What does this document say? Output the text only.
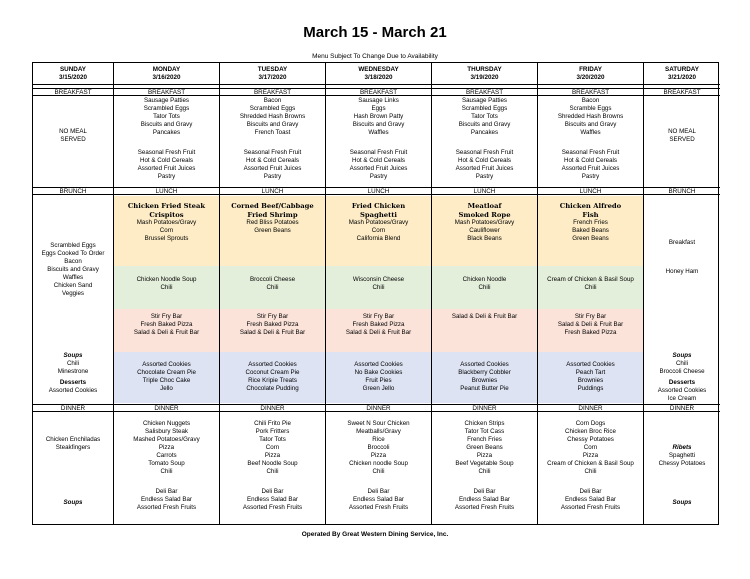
March 15 - March 21
Menu Subject To Change Due to Availability
SUNDAY
3/15/2020
BREAKFAST
BRUNCH
DINNER
NO MEAL
SERVED
Scrambled Eggs
Eggs Cooked To Order
Bacon
Biscuits and Gravy
Waffles
Chicken Sand
Veggies
Soups
Chili
Minestrone
Desserts
Assorted Cookies
Chicken Enchiladas
Steakfingers
Soups
MONDAY
3/16/2020
BREAKFAST
LUNCH
DINNER
Sausage Patties
Scrambled Eggs
Tator Tots
Biscuits and Gravy
Pancakes
Seasonal Fresh Fruit
Hot & Cold Cereals
Assorted Fruit Juices
Pastry
Chicken Fried Steak
Crispitos
Mash Potatoes/Gravy
Corn
Brussel Sprouts
Chicken Noodle Soup
Chili
Stir Fry Bar
Fresh Baked Pizza
Salad & Deli & Fruit Bar
Assorted Cookies
Chocolate Cream Pie
Triple Choc Cake
Jello
Chicken Nuggets
Salisbury Steak
Mashed Potatoes/Gravy
Pizza
Carrots
Tomato Soup
Chili
Deli Bar
Endless Salad Bar
Assorted Fresh Fruits
TUESDAY
3/17/2020
BREAKFAST
LUNCH
DINNER
Bacon
Scrambled Eggs
Shredded Hash Browns
Biscuits and Gravy
French Toast
Seasonal Fresh Fruit
Hot & Cold Cereals
Assorted Fruit Juices
Pastry
Corned Beef/Cabbage
Fried Shrimp
Red Bliss Potatoes
Green Beans
Broccoli Cheese
Chili
Stir Fry Bar
Fresh Baked Pizza
Salad & Deli & Fruit Bar
Assorted Cookies
Coconut Cream Pie
Rice Kripie Treats
Chocolate Pudding
Chili Frito Pie
Pork Fritters
Tator Tots
Corn
Pizza
Beef Noodle Soup
Chili
Deli Bar
Endless Salad Bar
Assorted Fresh Fruits
WEDNESDAY
3/18/2020
BREAKFAST
LUNCH
DINNER
Sausage Links
Eggs
Hash Brown Patty
Biscuits and Gravy
Waffles
Seasonal Fresh Fruit
Hot & Cold Cereals
Assorted Fruit Juices
Pastry
Fried Chicken
Spaghetti
Mash Potatoes/Gravy
Corn
California Blend
Wisconsin Cheese
Chili
Stir Fry Bar
Fresh Baked Pizza
Salad & Deli & Fruit Bar
Assorted Cookies
No Bake Cookies
Fruit Pies
Green Jello
Sweet N Sour Chicken
Meatballs/Gravy
Rice
Broccoli
Pizza
Chicken noodle Soup
Chili
Deli Bar
Endless Salad Bar
Assorted Fresh Fruits
THURSDAY
3/19/2020
BREAKFAST
LUNCH
DINNER
Sausage Patties
Scrambled Eggs
Tator Tots
Biscuits and Gravy
Pancakes
Seasonal Fresh Fruit
Hot & Cold Cereals
Assorted Fruit Juices
Pastry
Meatloaf
Smoked Rope
Mash Potatoes/Gravy
Cauliflower
Black Beans
Chicken Noodle
Chili
Salad & Deli & Fruit Bar
Assorted Cookies
Blackberry Cobbler
Brownies
Peanut Butter Pie
Chicken Strips
Tator Tot Cass
French Fries
Green Beans
Pizza
Beef Vegetable Soup
Chili
Deli Bar
Endless Salad Bar
Assorted Fresh Fruits
FRIDAY
3/20/2020
BREAKFAST
LUNCH
DINNER
Bacon
Scramble Eggs
Shredded Hash Browns
Biscuits and Gravy
Waffles
Seasonal Fresh Fruit
Hot & Cold Cereals
Assorted Fruit Juices
Pastry
Chicken Alfredo
Fish
French Fries
Baked Beans
Green Beans
Cream of Chicken & Basil Soup
Chili
Stir Fry Bar
Salad & Deli & Fruit Bar
Fresh Baked Pizza
Assorted Cookies
Peach Tart
Brownies
Puddings
Corn Dogs
Chicken Broc Rice
Chessy Potatoes
Corn
Pizza
Cream of Chicken & Basil Soup
Chili
Deli Bar
Endless Salad Bar
Assorted Fresh Fruits
SATURDAY
3/21/2020
BREAKFAST
BRUNCH
DINNER
NO MEAL
SERVED
Breakfast
Honey Ham
Soups
Chili
Broccoli Cheese
Desserts
Assorted Cookies
Ice Cream
Ribets
Spaghetti
Chessy Potatoes
Soups
Operated By Great Western Dining Service, Inc.
